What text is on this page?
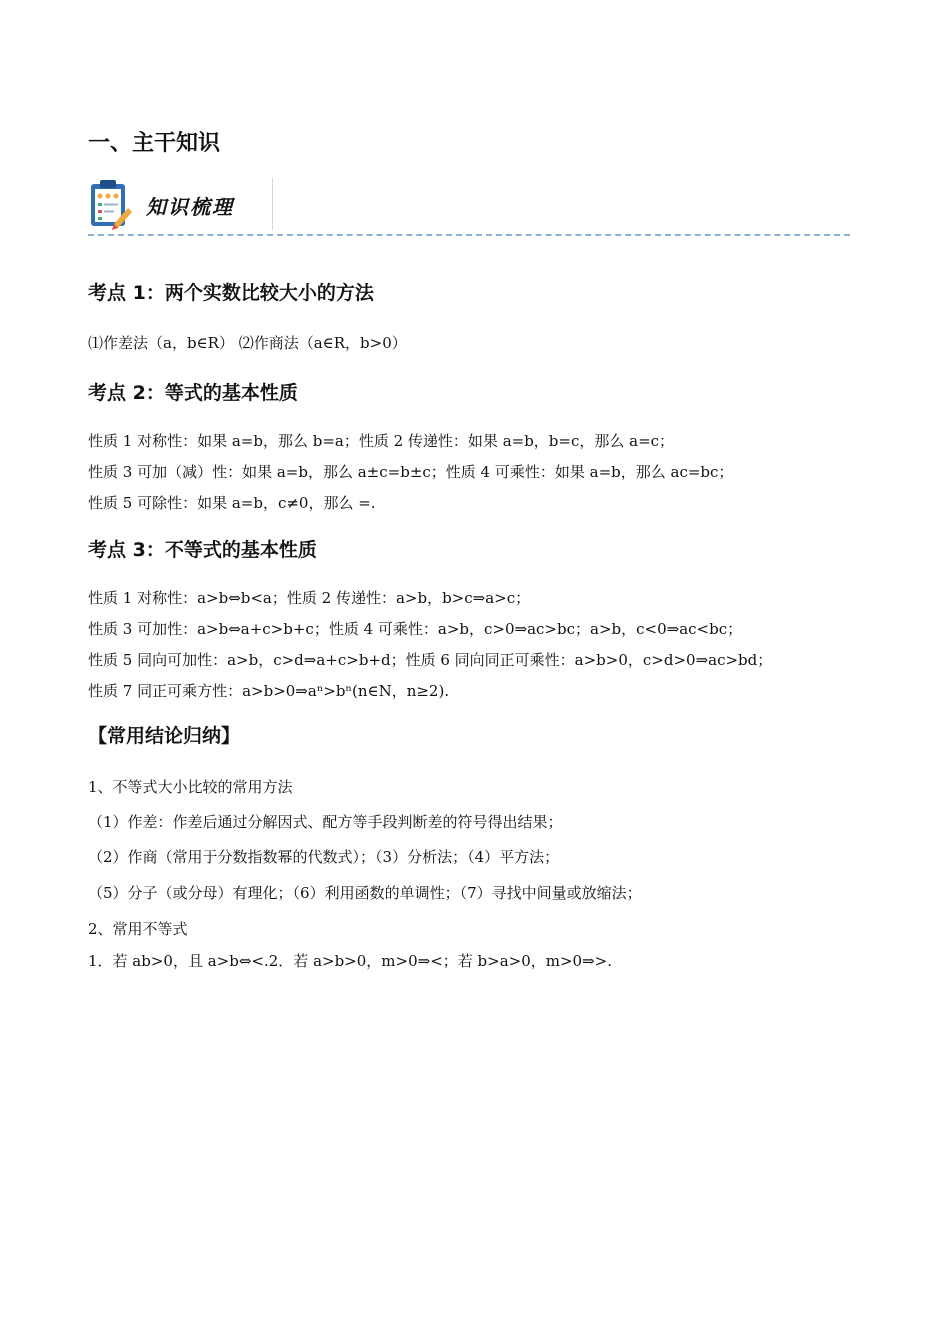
一、主干知识
知识梳理
考点 1：两个实数比较大小的方法
⑴作差法（a，b∈R） ⑵作商法（a∈R，b>0）
考点 2：等式的基本性质
性质 1 对称性：如果 a=b，那么 b=a；性质 2 传递性：如果 a=b，b=c，那么 a=c；
性质 3 可加（减）性：如果 a=b，那么 a±c=b±c；性质 4 可乘性：如果 a=b，那么 ac=bc；
性质 5 可除性：如果 a=b，c≠0，那么 =.
考点 3：不等式的基本性质
性质 1 对称性：a>b⇔b<a；性质 2 传递性：a>b，b>c⇒a>c；
性质 3 可加性：a>b⇔a+c>b+c；性质 4 可乘性：a>b，c>0⇒ac>bc；a>b，c<0⇒ac<bc；
性质 5 同向可加性：a>b，c>d⇒a+c>b+d；性质 6 同向同正可乘性：a>b>0，c>d>0⇒ac>bd；
性质 7 同正可乘方性：a>b>0⇒aⁿ>bⁿ(n∈N，n≥2).
【常用结论归纳】
1、不等式大小比较的常用方法
（1）作差：作差后通过分解因式、配方等手段判断差的符号得出结果；
（2）作商（常用于分数指数幂的代数式）；（3）分析法；（4）平方法；
（5）分子（或分母）有理化；（6）利用函数的单调性；（7）寻找中间量或放缩法；
2、常用不等式
1．若 ab>0，且 a>b⇔<.2．若 a>b>0，m>0⇒<；若 b>a>0，m>0⇒>.
